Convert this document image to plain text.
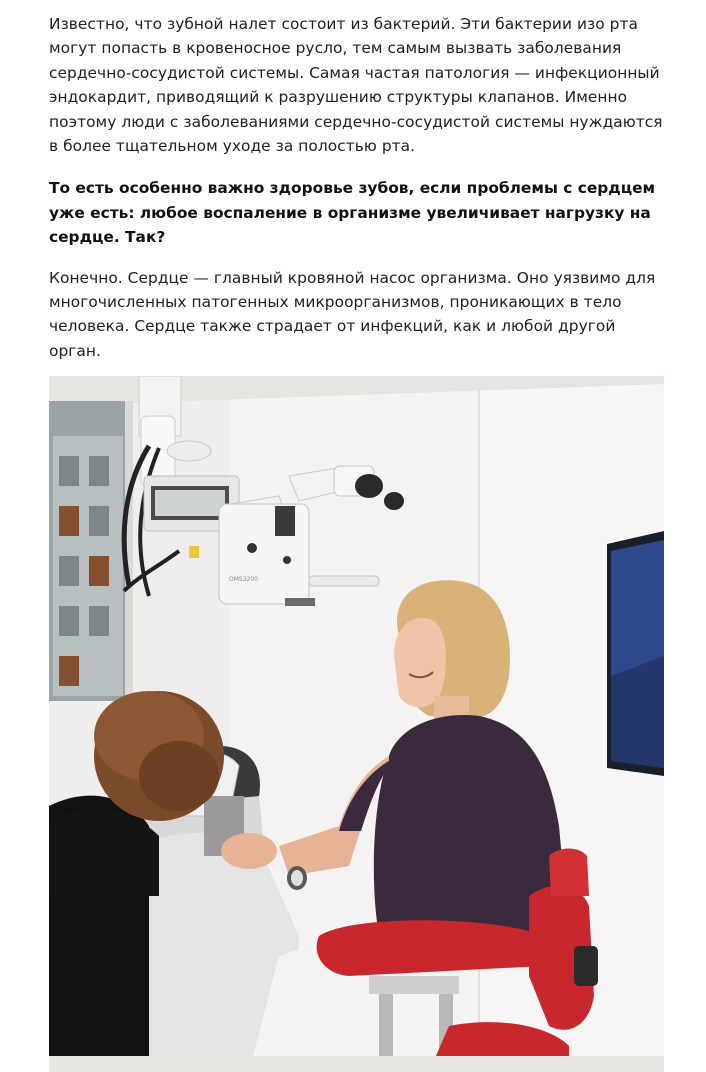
Известно, что зубной налет состоит из бактерий. Эти бактерии изо рта могут попасть в кровеносное русло, тем самым вызвать заболевания сердечно-сосудистой системы. Самая частая патология — инфекционный эндокардит, приводящий к разрушению структуры клапанов. Именно поэтому люди с заболеваниями сердечно-сосудистой системы нуждаются в более тщательном уходе за полостью рта.

То есть особенно важно здоровье зубов, если проблемы с сердцем уже есть: любое воспаление в организме увеличивает нагрузку на сердце. Так?

Конечно. Сердце — главный кровяной насос организма. Оно уязвимо для многочисленных патогенных микроорганизмов, проникающих в тело человека. Сердце также страдает от инфекций, как и любой другой орган.

OMS3200
